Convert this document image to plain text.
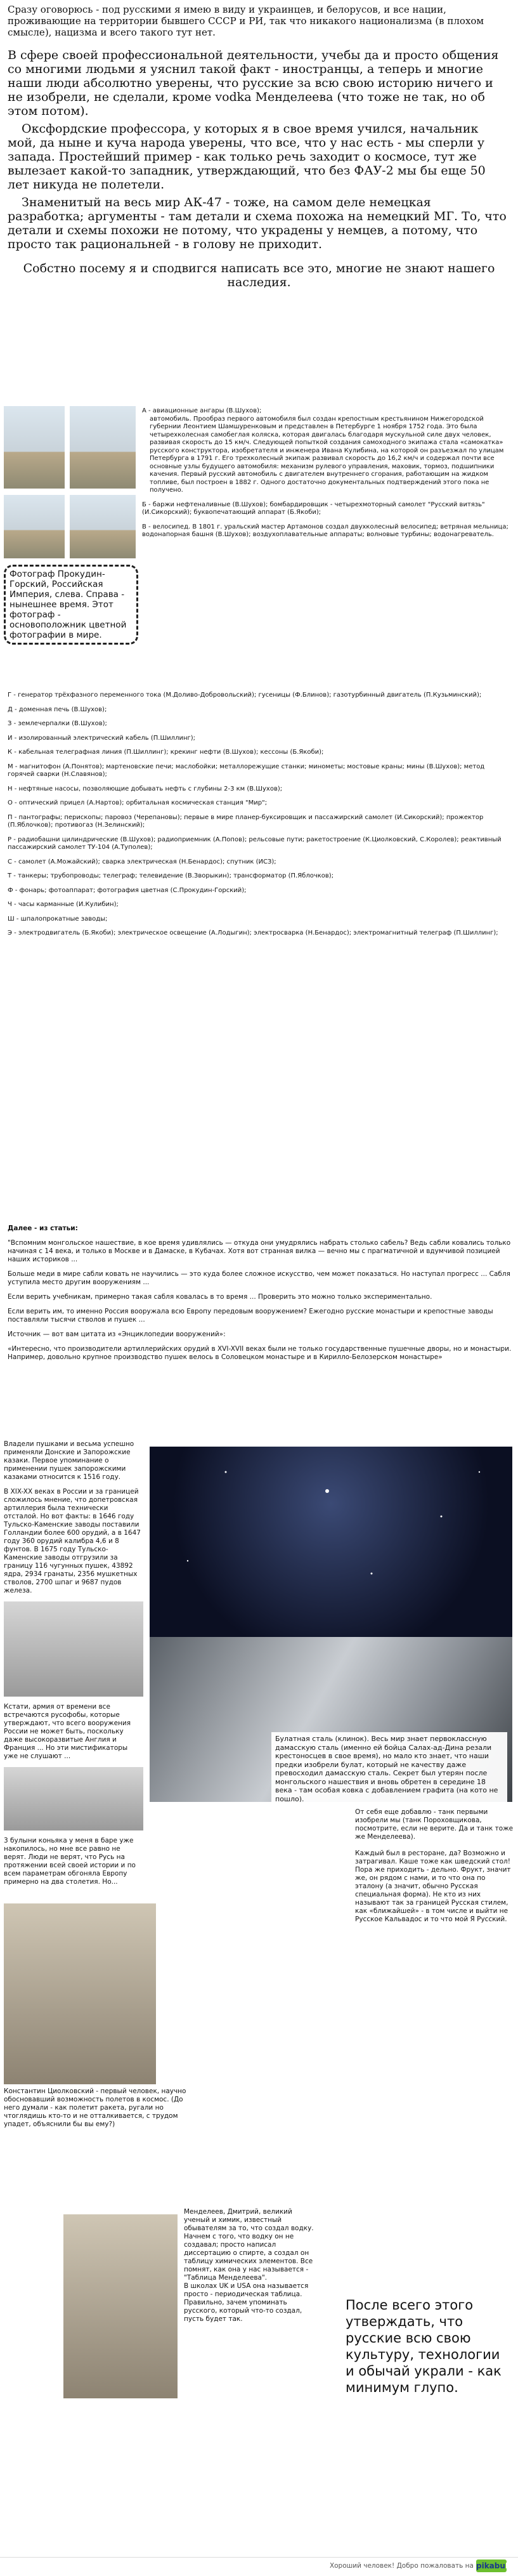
Сразу оговорюсь - под русскими я имею в виду и украинцев, и белорусов, и все нации, проживающие на территории бывшего СССР и РИ, так что никакого национализма (в плохом смысле), нацизма и всего такого тут нет.

В сфере своей профессиональной деятельности, учебы да и просто общения со многими людьми я уяснил такой факт - иностранцы, а теперь и многие наши люди абсолютно уверены, что русские за всю свою историю ничего и не изобрели, не сделали, кроме vodka Менделеева (что тоже не так, но об этом потом).

Оксфордские профессора, у которых я в свое время учился, начальник мой, да ныне и куча народа уверены, что все, что у нас есть - мы сперли у запада. Простейший пример - как только речь заходит о космосе, тут же вылезает какой-то западник, утверждающий, что без ФАУ-2 мы бы еще 50 лет никуда не полетели.

Знаменитый на весь мир АК-47 - тоже, на самом деле немецкая разработка; аргументы - там детали и схема похожа на немецкий МГ. То, что детали и схемы похожи не потому, что украдены у немцев, а потому, что просто так рациональней - в голову не приходит.

Собстно посему я и сподвигся написать все это, многие не знают нашего наследия.

Фотограф Прокудин-Горский, Российская Империя, слева. Справа - нынешнее время. Этот фотограф - основоположник цветной фотографии в мире.

А - авиационные ангары (В.Шухов);

автомобиль. Прообраз первого автомобиля был создан крепостным крестьянином Нижегородской губернии Леонтием Шамшуренковым и представлен в Петербурге 1 ноября 1752 года. Это была четырехколесная самобеглая коляска, которая двигалась благодаря мускульной силе двух человек, развивая скорость до 15 км/ч. Следующей попыткой создания самоходного экипажа стала «самокатка» русского конструктора, изобретателя и инженера Ивана Кулибина, на которой он разъезжал по улицам Петербурга в 1791 г. Его трехколесный экипаж развивал скорость до 16,2 км/ч и содержал почти все основные узлы будущего автомобиля: механизм рулевого управления, маховик, тормоз, подшипники качения. Первый русский автомобиль с двигателем внутреннего сгорания, работающим на жидком топливе, был построен в 1882 г. Одного достаточно документальных подтверждений этого пока не получено.

Б - баржи нефтеналивные (В.Шухов); бомбардировщик - четырехмоторный самолет "Русский витязь" (И.Сикорский); буквопечатающий аппарат (Б.Якоби);

В - велосипед. В 1801 г. уральский мастер Артамонов создал двухколесный велосипед; ветряная мельница; водонапорная башня (В.Шухов); воздухоплавательные аппараты; волновые турбины; водонагреватель.

Г - генератор трёхфазного переменного тока (М.Доливо-Добровольский); гусеницы (Ф.Блинов); газотурбинный двигатель (П.Кузьминский);

Д - доменная печь (В.Шухов);

З - землечерпалки (В.Шухов);

И - изолированный электрический кабель (П.Шиллинг);

К - кабельная телеграфная линия (П.Шиллинг); крекинг нефти (В.Шухов); кессоны (Б.Якоби);

М - магнитофон (А.Понятов); мартеновские печи; маслобойки; металлорежущие станки; минометы; мостовые краны; мины (В.Шухов); метод горячей сварки (Н.Славянов);

Н - нефтяные насосы, позволяющие добывать нефть с глубины 2-3 км (В.Шухов);

О - оптический прицел (А.Нартов); орбитальная космическая станция "Мир";

П - пантографы; перископы; паровоз (Черепановы); первые в мире планер-буксировщик и пассажирский самолет (И.Сикорский); прожектор (П.Яблочков); противогаз (Н.Зелинский);

Р - радиобашни цилиндрические (В.Шухов); радиоприемник (А.Попов); рельсовые пути; ракетостроение (К.Циолковский, С.Королев); реактивный пассажирский самолет ТУ-104 (А.Туполев);

С - самолет (А.Можайский); сварка электрическая (Н.Бенардос); спутник (ИСЗ);

Т - танкеры; трубопроводы; телеграф; телевидение (В.Зворыкин); трансформатор (П.Яблочков);

Ф - фонарь; фотоаппарат; фотография цветная (С.Прокудин-Горский);

Ч - часы карманные (И.Кулибин);

Ш - шпалопрокатные заводы;

Э - электродвигатель (Б.Якоби); электрическое освещение (А.Лодыгин); электросварка (Н.Бенардос); электромагнитный телеграф (П.Шиллинг);

Далее - из статьи:

"Вспомним монгольское нашествие, в кое время удивлялись — откуда они умудрялись набрать столько сабель? Ведь сабли ковались только начиная с 14 века, и только в Москве и в Дамаске, в Кубачах. Хотя вот странная вилка — вечно мы с прагматичной и вдумчивой позицией наших историков ...

Больше меди в мире сабли ковать не научились — это куда более сложное искусство, чем может показаться. Но наступал прогресс ... Сабля уступила место другим вооружениям ...

Если верить учебникам, примерно такая сабля ковалась в то время ... Проверить это можно только экспериментально.

Если верить им, то именно Россия вооружала всю Европу передовым вооружением? Ежегодно русские монастыри и крепостные заводы поставляли тысячи стволов и пушек ...

Источник — вот вам цитата из «Энциклопедии вооружений»:

«Интересно, что производители артиллерийских орудий в XVI-XVII веках были не только государственные пушечные дворы, но и монастыри. Например, довольно крупное производство пушек велось в Соловецком монастыре и в Кирилло-Белозерском монастыре»

Владели пушками и весьма успешно применяли Донские и Запорожские казаки. Первое упоминание о применении пушек запорожскими казаками относится к 1516 году.

В XIX-XX веках в России и за границей сложилось мнение, что допетровская артиллерия была технически отсталой. Но вот факты: в 1646 году Тульско-Каменские заводы поставили Голландии более 600 орудий, а в 1647 году 360 орудий калибра 4,6 и 8 фунтов. В 1675 году Тульско-Каменские заводы отгрузили за границу 116 чугунных пушек, 43892 ядра, 2934 гранаты, 2356 мушкетных стволов, 2700 шпаг и 9687 пудов железа.

Кстати, армия от времени все встречаются русофобы, которые утверждают, что всего вооружения России не может быть, поскольку даже высокоразвитые Англия и Франция ... Но эти мистификаторы уже не слушают ...

3 булыни коньяка у меня в баре уже накопилось, но мне все равно не верят. Люди не верят, что Русь на протяжении всей своей истории и по всем параметрам обгоняла Европу примерно на два столетия. Но...

Константин Циолковский - первый человек, научно обосновавший возможность полетов в космос. (До него думали - как полетит ракета, ругали но чтоглядишь кто-то и не отталкивается, с трудом упадет, объяснили бы вы ему?)
Булатная сталь (клинок). Весь мир знает первоклассную дамасскую сталь (именно ей бойца Салах-ад-Дина резали крестоносцев в свое время), но мало кто знает, что наши предки изобрели булат, который не качеству даже превосходил дамасскую сталь. Секрет был утерян после монгольского нашествия и вновь обретен в середине 18 века - там особая ковка с добавлением графита (на кото не пошло).
От себя еще добавлю - танк первыми изобрели мы (танк Пороховщикова, посмотрите, если не верите. Да и танк тоже же Менделеева).

Каждый был в ресторане, да? Возможно и затрагивал. Каше тоже как шведский стол! Пора же приходить - дельно. Фрукт, значит же, он рядом с нами, и то что она по эталону (а значит, обычно Русская специальная форма). Не кто из них называют так за границей Русская стилем, как «ближайшей» - в том числе и выйти не Русское Кальвадос и то что мой Я Русский.
Менделеев, Дмитрий, великий ученый и химик, известный обывателям за то, что создал водку. Начнем с того, что водку он не создавал; просто написал диссертацию о спирте, а создал он таблицу химических элементов. Все помнят, как она у нас называется - "Таблица Менделеева".
В школах UK и USA она называется просто - периодическая таблица. Правильно, зачем упоминать русского, который что-то создал, пусть будет так.
После всего этого утверждать, что русские всю свою культуру, технологии и обычай украли - как минимум глупо.
Хороший человек! Добро пожаловать на pikabuRU
